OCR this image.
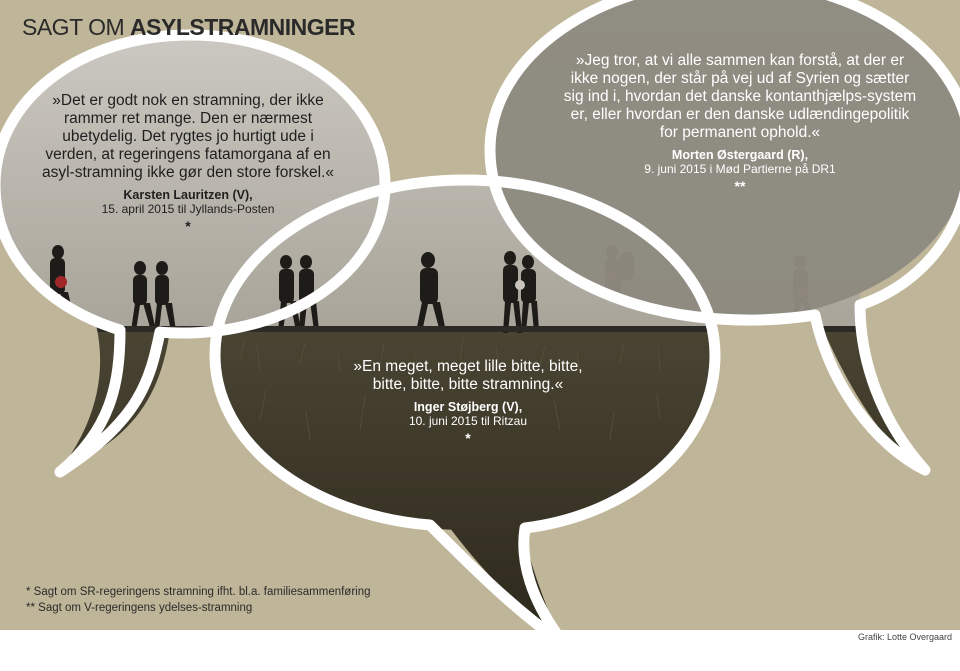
SAGT OM ASYLSTRAMNINGER
»Det er godt nok en stramning, der ikke rammer ret mange. Den er nærmest ubetydelig. Det rygtes jo hurtigt ude i verden, at regeringens fatamorgana af en asyl-stramning ikke gør den store forskel.«
Karsten Lauritzen (V),
15. april 2015 til Jyllands-Posten
*
»Jeg tror, at vi alle sammen kan forstå, at der er ikke nogen, der står på vej ud af Syrien og sætter sig ind i, hvordan det danske kontanthjælps-system er, eller hvordan er den danske udlændingepolitik for permanent ophold.«
Morten Østergaard (R),
9. juni 2015 i Mød Partierne på DR1
**
»En meget, meget lille bitte, bitte, bitte, bitte, bitte stramning.«
Inger Støjberg (V),
10. juni 2015 til Ritzau
*
* Sagt om SR-regeringens stramning ifht. bl.a. familiesammenføring
** Sagt om V-regeringens ydelses-stramning
Grafik: Lotte Overgaard
